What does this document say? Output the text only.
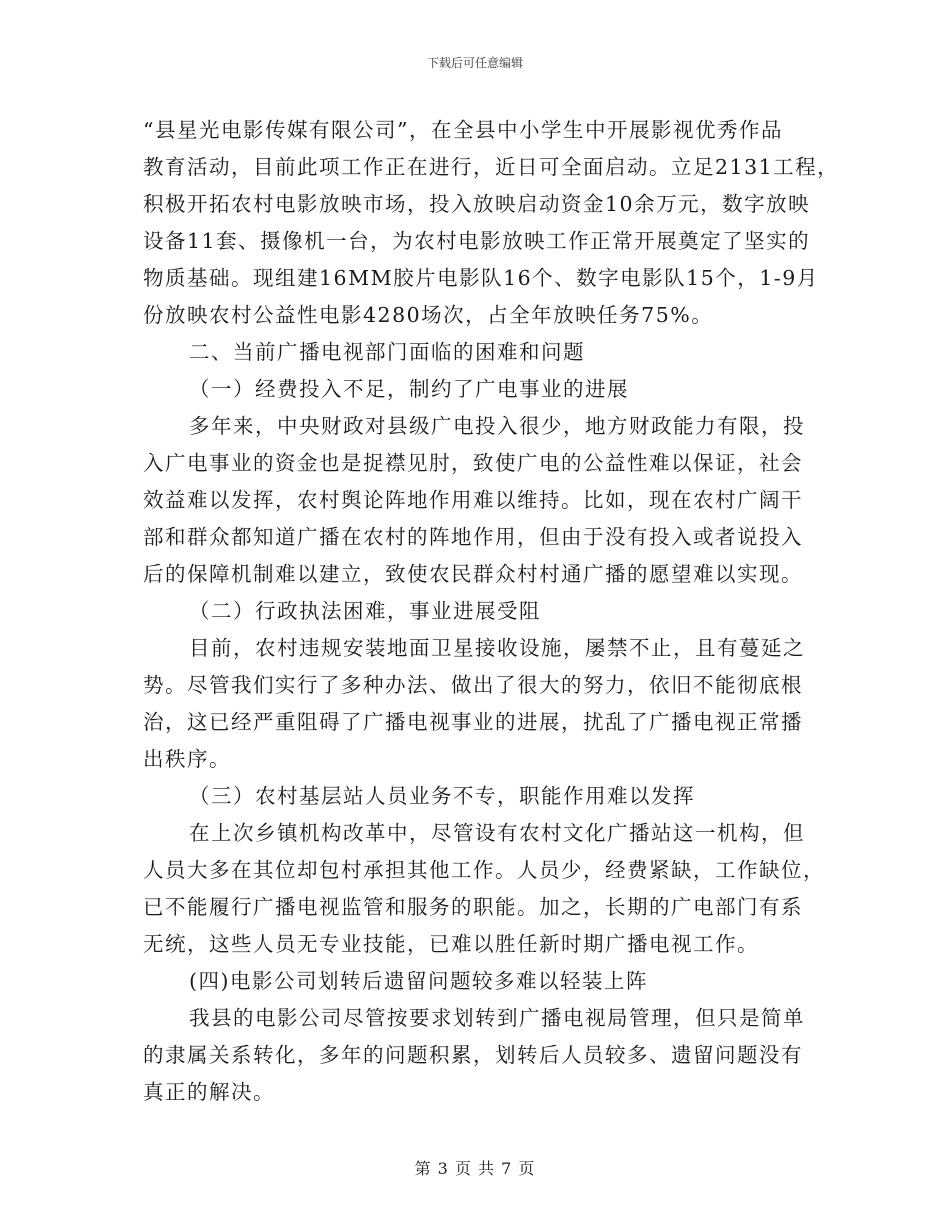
下载后可任意编辑
“县星光电影传媒有限公司”，在全县中小学生中开展影视优秀作品
教育活动，目前此项工作正在进行，近日可全面启动。立足2131工程，
积极开拓农村电影放映市场，投入放映启动资金10余万元，数字放映
设备11套、摄像机一台，为农村电影放映工作正常开展奠定了坚实的
物质基础。现组建16MM胶片电影队16个、数字电影队15个，1-9月
份放映农村公益性电影4280场次，占全年放映任务75%。
二、当前广播电视部门面临的困难和问题
（一）经费投入不足，制约了广电事业的进展
多年来，中央财政对县级广电投入很少，地方财政能力有限，投
入广电事业的资金也是捉襟见肘，致使广电的公益性难以保证，社会
效益难以发挥，农村舆论阵地作用难以维持。比如，现在农村广阔干
部和群众都知道广播在农村的阵地作用，但由于没有投入或者说投入
后的保障机制难以建立，致使农民群众村村通广播的愿望难以实现。
（二）行政执法困难，事业进展受阻
目前，农村违规安装地面卫星接收设施，屡禁不止，且有蔓延之
势。尽管我们实行了多种办法、做出了很大的努力，依旧不能彻底根
治，这已经严重阻碍了广播电视事业的进展，扰乱了广播电视正常播
出秩序。
（三）农村基层站人员业务不专，职能作用难以发挥
在上次乡镇机构改革中，尽管设有农村文化广播站这一机构，但
人员大多在其位却包村承担其他工作。人员少，经费紧缺，工作缺位，
已不能履行广播电视监管和服务的职能。加之，长期的广电部门有系
无统，这些人员无专业技能，已难以胜任新时期广播电视工作。
(四)电影公司划转后遗留问题较多难以轻装上阵
我县的电影公司尽管按要求划转到广播电视局管理，但只是简单
的隶属关系转化，多年的问题积累，划转后人员较多、遗留问题没有
真正的解决。
第 3 页 共 7 页
